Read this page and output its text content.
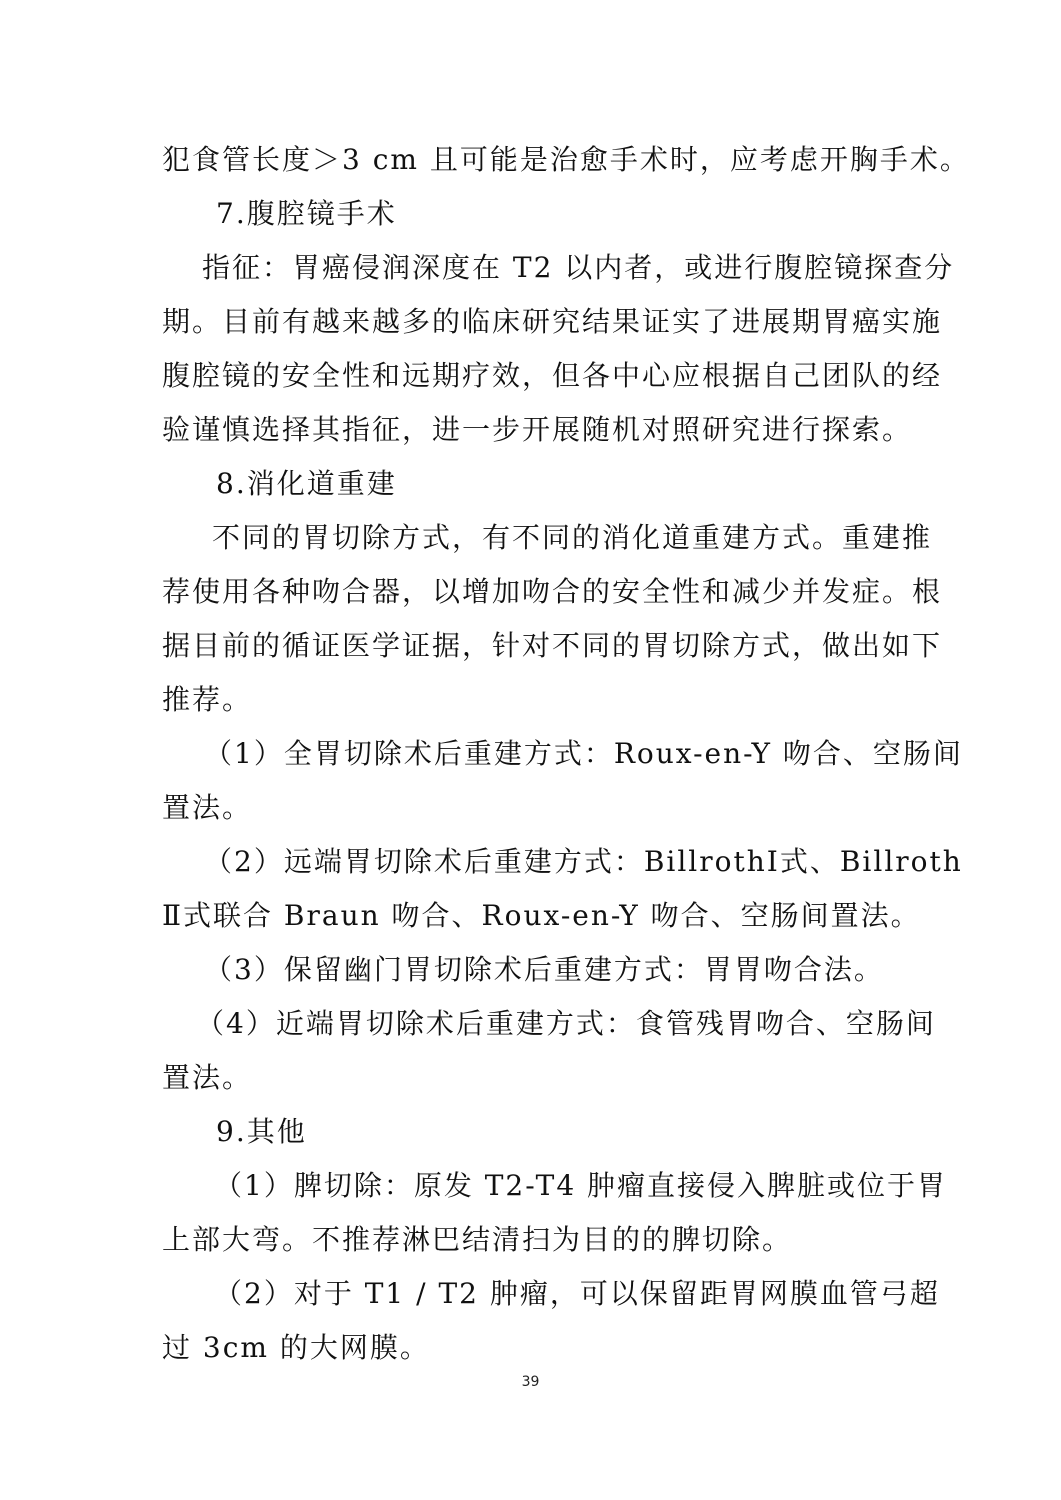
犯食管长度＞3 cm 且可能是治愈手术时，应考虑开胸手术。
7.腹腔镜手术
指征：胃癌侵润深度在 T2 以内者，或进行腹腔镜探查分
期。目前有越来越多的临床研究结果证实了进展期胃癌实施
腹腔镜的安全性和远期疗效，但各中心应根据自己团队的经
验谨慎选择其指征，进一步开展随机对照研究进行探索。
8.消化道重建
不同的胃切除方式，有不同的消化道重建方式。重建推
荐使用各种吻合器，以增加吻合的安全性和减少并发症。根
据目前的循证医学证据，针对不同的胃切除方式，做出如下
推荐。
（1）全胃切除术后重建方式：Roux-en-Y 吻合、空肠间
置法。
（2）远端胃切除术后重建方式：BillrothⅠ式、Billroth
Ⅱ式联合 Braun 吻合、Roux-en-Y 吻合、空肠间置法。
（3）保留幽门胃切除术后重建方式：胃胃吻合法。
（4）近端胃切除术后重建方式：食管残胃吻合、空肠间
置法。
9.其他
（1）脾切除：原发 T2-T4 肿瘤直接侵入脾脏或位于胃
上部大弯。不推荐淋巴结清扫为目的的脾切除。
（2）对于 T1 / T2 肿瘤，可以保留距胃网膜血管弓超
过 3cm 的大网膜。
39
